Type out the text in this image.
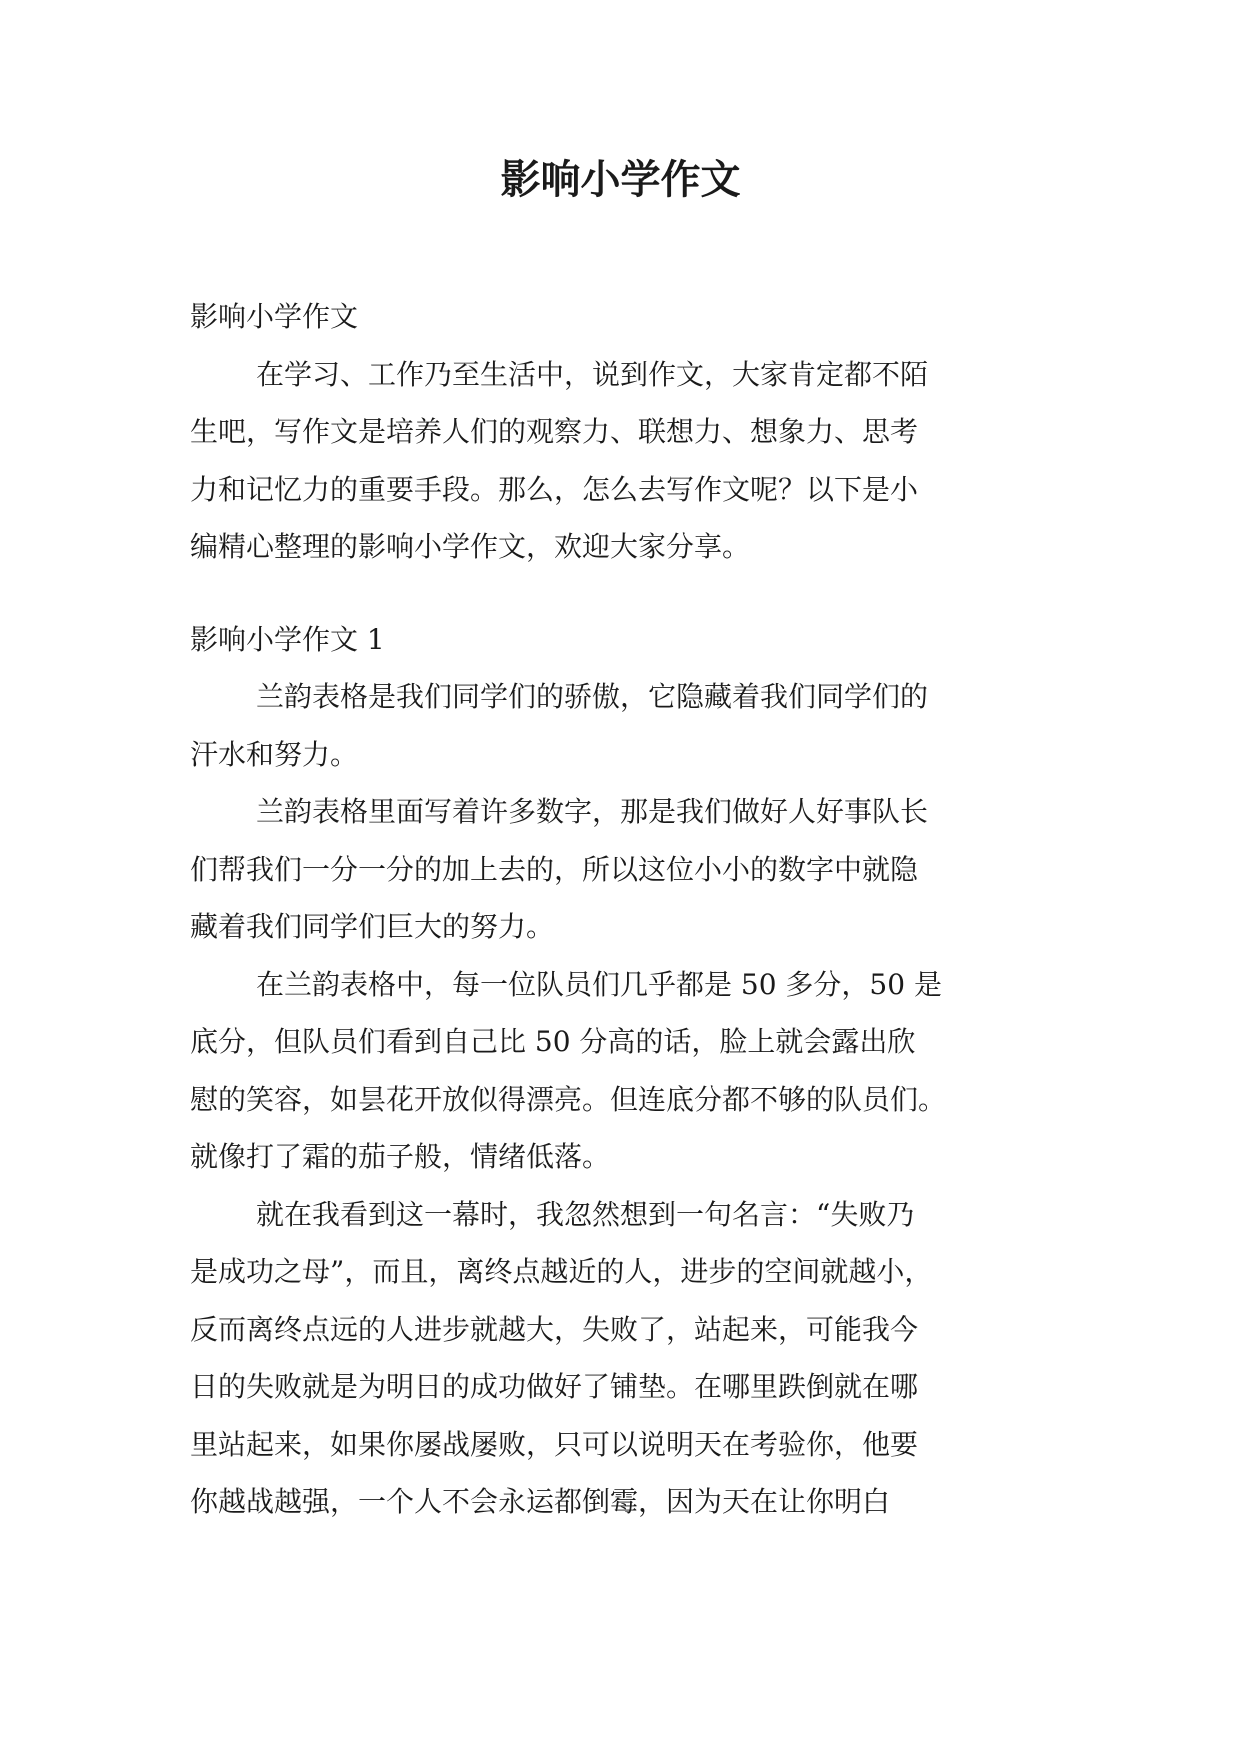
影响小学作文

影响小学作文

在学习、工作乃至生活中，说到作文，大家肯定都不陌

生吧，写作文是培养人们的观察力、联想力、想象力、思考

力和记忆力的重要手段。那么，怎么去写作文呢？以下是小

编精心整理的影响小学作文，欢迎大家分享。

影响小学作文 1

兰韵表格是我们同学们的骄傲，它隐藏着我们同学们的

汗水和努力。

兰韵表格里面写着许多数字，那是我们做好人好事队长

们帮我们一分一分的加上去的，所以这位小小的数字中就隐

藏着我们同学们巨大的努力。

在兰韵表格中，每一位队员们几乎都是 50 多分，50 是

底分，但队员们看到自己比 50 分高的话，脸上就会露出欣

慰的笑容，如昙花开放似得漂亮。但连底分都不够的队员们。

就像打了霜的茄子般，情绪低落。

就在我看到这一幕时，我忽然想到一句名言：“失败乃

是成功之母”，而且，离终点越近的人，进步的空间就越小，

反而离终点远的人进步就越大，失败了，站起来，可能我今

日的失败就是为明日的成功做好了铺垫。在哪里跌倒就在哪

里站起来，如果你屡战屡败，只可以说明天在考验你，他要

你越战越强，一个人不会永运都倒霉，因为天在让你明白
